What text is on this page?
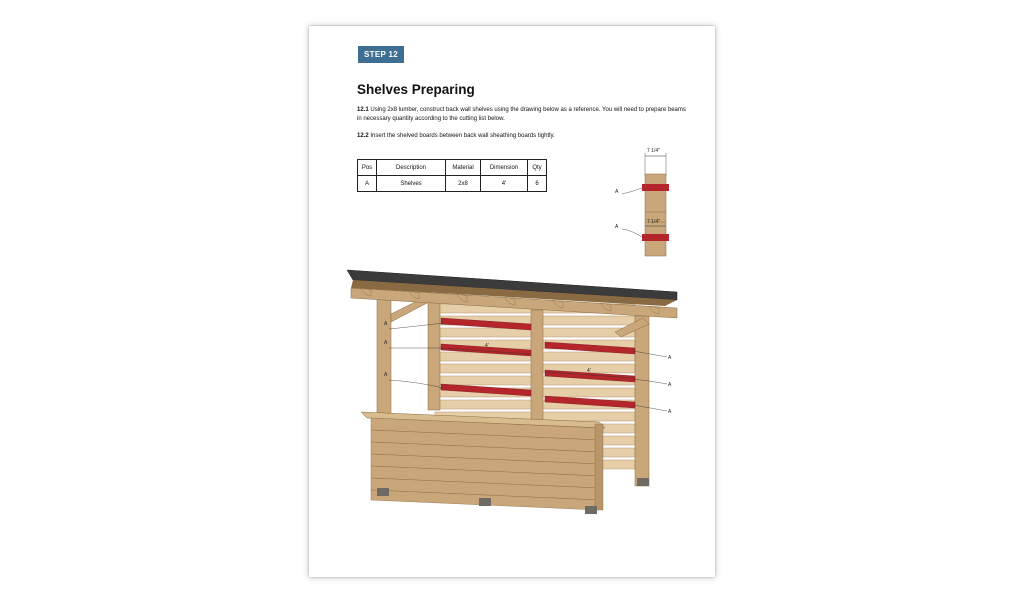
STEP 12
Shelves Preparing

12.1 Using 2x8 lumber, construct back wall shelves using the drawing below as a reference. You will need to prepare beams in necessary quantity according to the cutting list below.

12.2 Insert the shelved boards between back wall sheathing boards tightly.

Pos	Description	Material	Dimension	Qty
A	Shelves	2x8	4'	6
7 1/4"
7 1/4"
A
A
4'
4'
A
A
A
A
A
A
